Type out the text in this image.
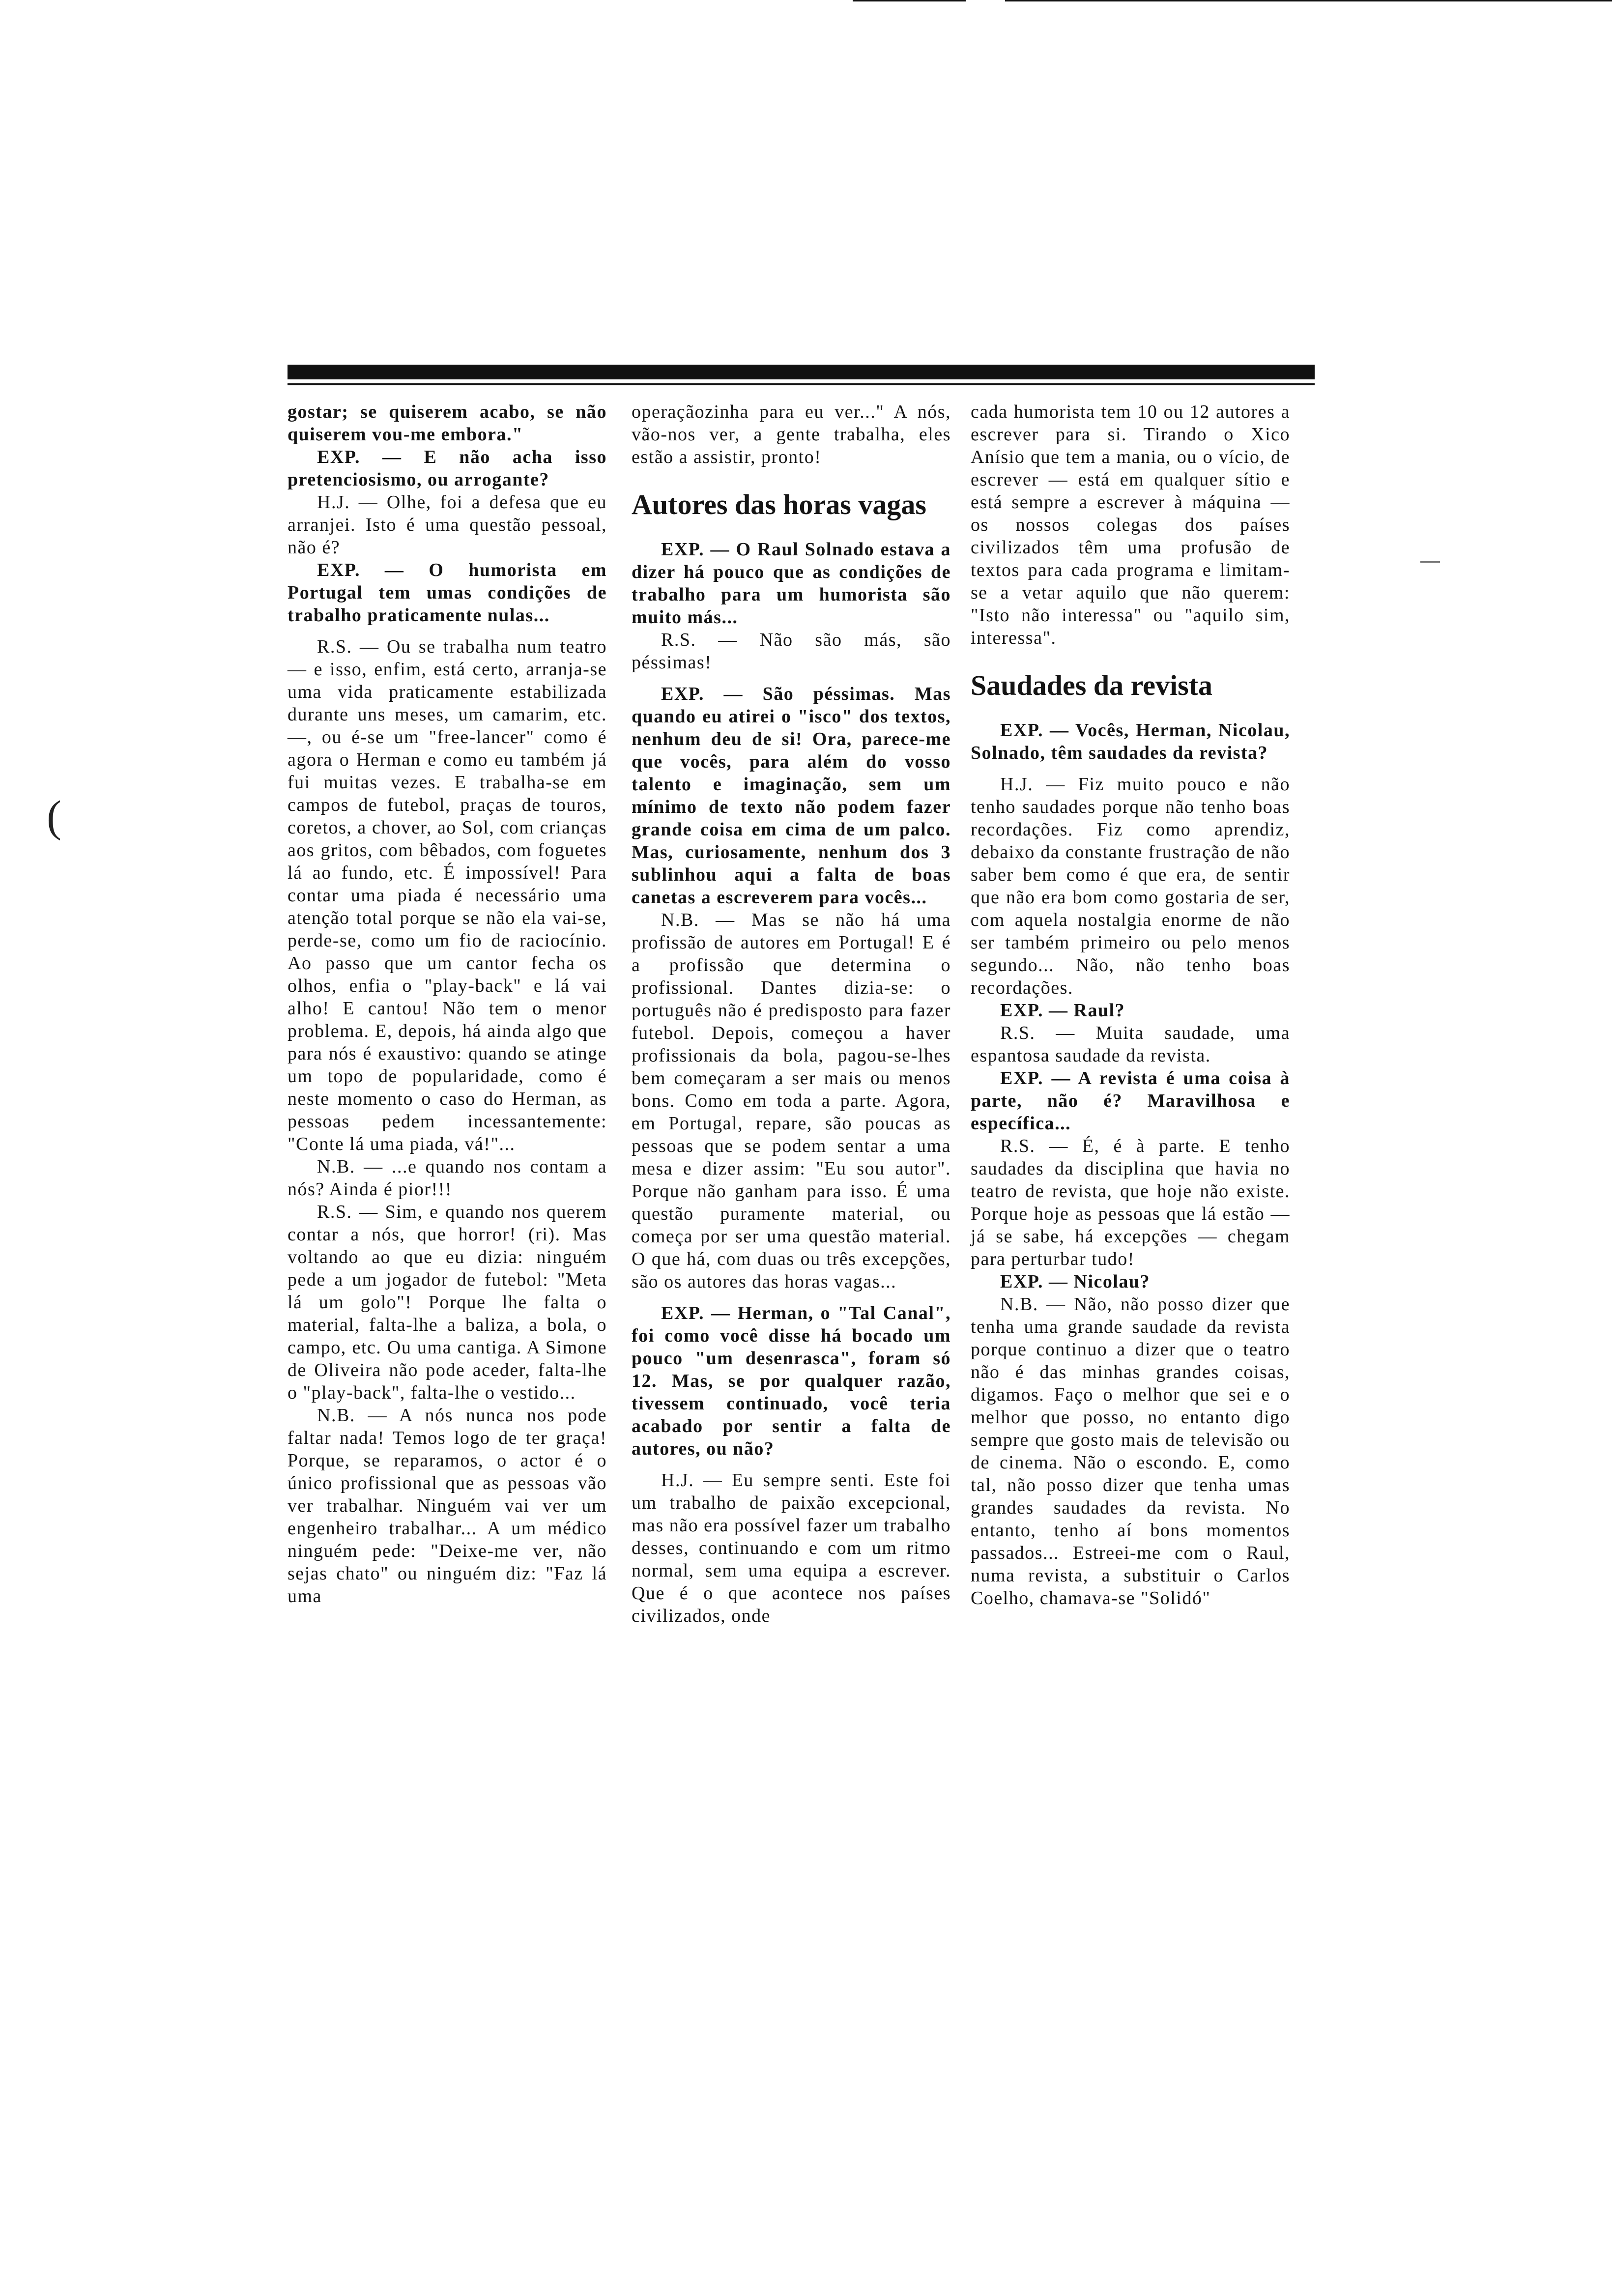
(

gostar; se quiserem acabo, se não quiserem vou-me embora."

EXP. — E não acha isso pretenciosismo, ou arrogante?

H.J. — Olhe, foi a defesa que eu arranjei. Isto é uma questão pessoal, não é?

EXP. — O humorista em Portugal tem umas condições de trabalho praticamente nulas...

R.S. — Ou se trabalha num teatro — e isso, enfim, está certo, arranja-se uma vida praticamente estabilizada durante uns meses, um camarim, etc. —, ou é-se um "free-lancer" como é agora o Herman e como eu também já fui muitas vezes. E trabalha-se em campos de futebol, praças de touros, coretos, a chover, ao Sol, com crianças aos gritos, com bêbados, com foguetes lá ao fundo, etc. É impossível! Para contar uma piada é necessário uma atenção total porque se não ela vai-se, perde-se, como um fio de raciocínio. Ao passo que um cantor fecha os olhos, enfia o "play-back" e lá vai alho! E cantou! Não tem o menor problema. E, depois, há ainda algo que para nós é exaustivo: quando se atinge um topo de popularidade, como é neste momento o caso do Herman, as pessoas pedem incessantemente: "Conte lá uma piada, vá!"...

N.B. — ...e quando nos contam a nós? Ainda é pior!!!

R.S. — Sim, e quando nos querem contar a nós, que horror! (ri). Mas voltando ao que eu dizia: ninguém pede a um jogador de futebol: "Meta lá um golo"! Porque lhe falta o material, falta-lhe a baliza, a bola, o campo, etc. Ou uma cantiga. A Simone de Oliveira não pode aceder, falta-lhe o "play-back", falta-lhe o vestido...

N.B. — A nós nunca nos pode faltar nada! Temos logo de ter graça! Porque, se reparamos, o actor é o único profissional que as pessoas vão ver trabalhar. Ninguém vai ver um engenheiro trabalhar... A um médico ninguém pede: "Deixe-me ver, não sejas chato" ou ninguém diz: "Faz lá uma

operaçãozinha para eu ver..." A nós, vão-nos ver, a gente trabalha, eles estão a assistir, pronto!

Autores das horas vagas

EXP. — O Raul Solnado estava a dizer há pouco que as condições de trabalho para um humorista são muito más...

R.S. — Não são más, são péssimas!

EXP. — São péssimas. Mas quando eu atirei o "isco" dos textos, nenhum deu de si! Ora, parece-me que vocês, para além do vosso talento e imaginação, sem um mínimo de texto não podem fazer grande coisa em cima de um palco. Mas, curiosamente, nenhum dos 3 sublinhou aqui a falta de boas canetas a escreverem para vocês...

N.B. — Mas se não há uma profissão de autores em Portugal! E é a profissão que determina o profissional. Dantes dizia-se: o português não é predisposto para fazer futebol. Depois, começou a haver profissionais da bola, pagou-se-lhes bem começaram a ser mais ou menos bons. Como em toda a parte. Agora, em Portugal, repare, são poucas as pessoas que se podem sentar a uma mesa e dizer assim: "Eu sou autor". Porque não ganham para isso. É uma questão puramente material, ou começa por ser uma questão material. O que há, com duas ou três excepções, são os autores das horas vagas...

EXP. — Herman, o "Tal Canal", foi como você disse há bocado um pouco "um desenrasca", foram só 12. Mas, se por qualquer razão, tivessem continuado, você teria acabado por sentir a falta de autores, ou não?

H.J. — Eu sempre senti. Este foi um trabalho de paixão excepcional, mas não era possível fazer um trabalho desses, continuando e com um ritmo normal, sem uma equipa a escrever. Que é o que acontece nos países civilizados, onde

cada humorista tem 10 ou 12 autores a escrever para si. Tirando o Xico Anísio que tem a mania, ou o vício, de escrever — está em qualquer sítio e está sempre a escrever à máquina — os nossos colegas dos países civilizados têm uma profusão de textos para cada programa e limitam-se a vetar aquilo que não querem: "Isto não interessa" ou "aquilo sim, interessa".

Saudades da revista

EXP. — Vocês, Herman, Nicolau, Solnado, têm saudades da revista?

H.J. — Fiz muito pouco e não tenho saudades porque não tenho boas recordações. Fiz como aprendiz, debaixo da constante frustração de não saber bem como é que era, de sentir que não era bom como gostaria de ser, com aquela nostalgia enorme de não ser também primeiro ou pelo menos segundo... Não, não tenho boas recordações.

EXP. — Raul?

R.S. — Muita saudade, uma espantosa saudade da revista.

EXP. — A revista é uma coisa à parte, não é? Maravilhosa e específica...

R.S. — É, é à parte. E tenho saudades da disciplina que havia no teatro de revista, que hoje não existe. Porque hoje as pessoas que lá estão — já se sabe, há excepções — chegam para perturbar tudo!

EXP. — Nicolau?

N.B. — Não, não posso dizer que tenha uma grande saudade da revista porque continuo a dizer que o teatro não é das minhas grandes coisas, digamos. Faço o melhor que sei e o melhor que posso, no entanto digo sempre que gosto mais de televisão ou de cinema. Não o escondo. E, como tal, não posso dizer que tenha umas grandes saudades da revista. No entanto, tenho aí bons momentos passados... Estreei-me com o Raul, numa revista, a substituir o Carlos Coelho, chamava-se "Solidó"
